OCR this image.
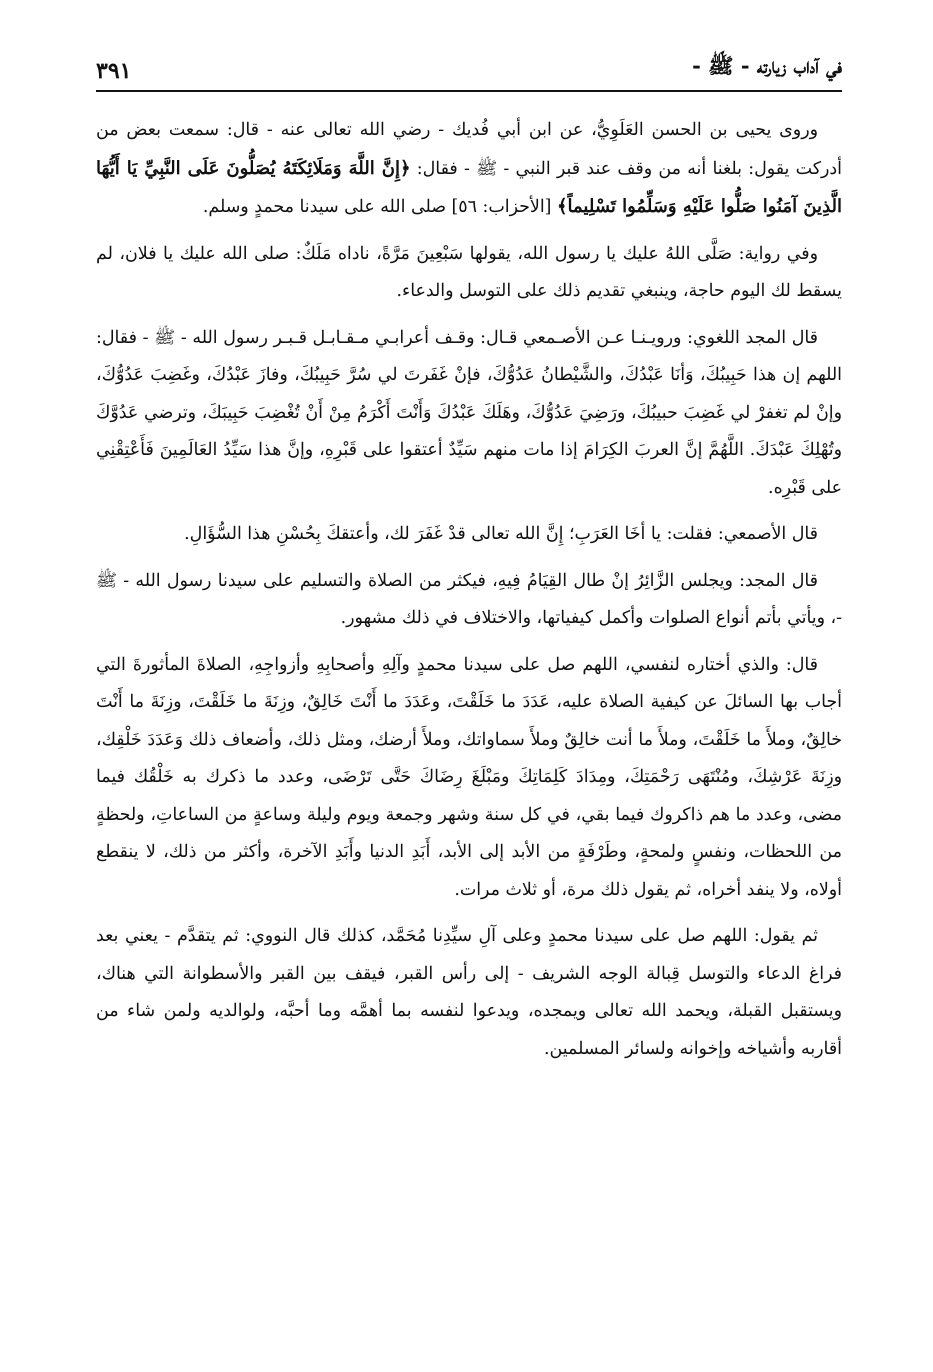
في آداب زيارته - ﷺ -
٣٩١

وروى يحيى بن الحسن العَلَوِيُّ، عن ابن أبي فُديك - رضي الله تعالى عنه - قال: سمعت بعض من أدركت يقول: بلغنا أنه من وقف عند قبر النبي - ﷺ - فقال: ﴿إِنَّ اللَّهَ وَمَلَائِكَتَهُ يُصَلُّونَ عَلَى النَّبِيِّ يَا أَيُّهَا الَّذِينَ آمَنُوا صَلُّوا عَلَيْهِ وَسَلِّمُوا تَسْلِيماً﴾ [الأحزاب: ٥٦] صلى الله على سيدنا محمدٍ وسلم.

وفي رواية: صَلَّى اللهُ عليك يا رسول الله، يقولها سَبْعِينَ مَرَّةً، ناداه مَلَكٌ: صلى الله عليك يا فلان، لم يسقط لك اليوم حاجة، وينبغي تقديم ذلك على التوسل والدعاء.

قال المجد اللغوي: ورويـنـا عـن الأصـمعي قـال: وقـف أعرابـي مـقـابـل قـبـر رسول الله - ﷺ - فقال: اللهم إن هذا حَبِيبُكَ، وَأنَا عَبْدُكَ، والشَّيْطانُ عَدُوُّكَ، فإنْ غَفَرتَ لي سُرَّ حَبِيبُكَ، وفازَ عَبْدُكَ، وغَضِبَ عَدُوُّكَ، وإنْ لم تغفرْ لي غَضِبَ حبيبُكَ، ورَضِيَ عَدُوُّكَ، وهَلَكَ عَبْدُكَ وَأَنْتَ أَكْرَمُ مِنْ أَنْ تُغْضِبَ حَبِيبَكَ، وترضي عَدُوَّكَ وتُهْلِكَ عَبْدَكَ. اللَّهُمَّ إنَّ العربَ الكِرَامَ إذا مات منهم سَيِّدٌ أعتقوا على قَبْرِهِ، وإنَّ هذا سَيِّدُ العَالَمِينَ فَأَعْتِقْنِي على قَبْرِه.

قال الأصمعي: فقلت: يا أخَا العَرَبِ؛ إِنَّ الله تعالى قدْ غَفَرَ لك، وأعتقكَ بِحُسْنِ هذا السُّؤَالِ.

قال المجد: ويجلس الزَّائِرُ إنْ طال القِيَامُ فِيهِ، فيكثر من الصلاة والتسليم على سيدنا رسول الله - ﷺ -، ويأتي بأتم أنواع الصلوات وأكمل كيفياتها، والاختلاف في ذلك مشهور.

قال: والذي أختاره لنفسي، اللهم صل على سيدنا محمدٍ وآلِهِ وأصحابِهِ وأزواجِهِ، الصلاةَ المأثورةَ التي أجاب بها السائلَ عن كيفية الصلاة عليه، عَدَدَ ما خَلَقْتَ، وعَدَدَ ما أَنْتَ خَالِقٌ، وزِنَةَ ما خَلَقْتَ، وزِنَةَ ما أَنْتَ خالِقٌ، وملأَ ما خَلَقْتَ، وملأَ ما أنت خالِقٌ وملأَ سماواتك، وملأَ أرضك، ومثل ذلك، وأضعاف ذلك وَعَدَدَ خَلْقِك، وزِنَةَ عَرْشِكَ، ومُنْتَهَى رَحْمَتِكَ، ومِدَادَ كَلِمَاتِكَ ومَبْلَغَ رِضَاكَ حَتَّى تَرْضَى، وعدد ما ذكرك به خَلْقُك فيما مضى، وعدد ما هم ذاكروك فيما بقي، في كل سنة وشهر وجمعة ويوم وليلة وساعةٍ من الساعاتِ، ولحظةٍ من اللحظات، ونفسٍ ولمحةٍ، وطَرْفَةٍ من الأبد إلى الأبد، أَبَدِ الدنيا وأَبَدِ الآخرة، وأكثر من ذلك، لا ينقطع أولاه، ولا ينفد أخراه، ثم يقول ذلك مرة، أو ثلاث مرات.

ثم يقول: اللهم صل على سيدنا محمدٍ وعلى آلِ سيِّدِنا مُحَمَّد، كذلك قال النووي: ثم يتقدَّم - يعني بعد فراغ الدعاء والتوسل قِبالة الوجه الشريف - إلى رأس القبر، فيقف بين القبر والأسطوانة التي هناك، ويستقبل القبلة، ويحمد الله تعالى ويمجده، ويدعوا لنفسه بما أهمَّه وما أحبَّه، ولوالديه ولمن شاء من أقاربه وأشياخه وإخوانه ولسائر المسلمين.
